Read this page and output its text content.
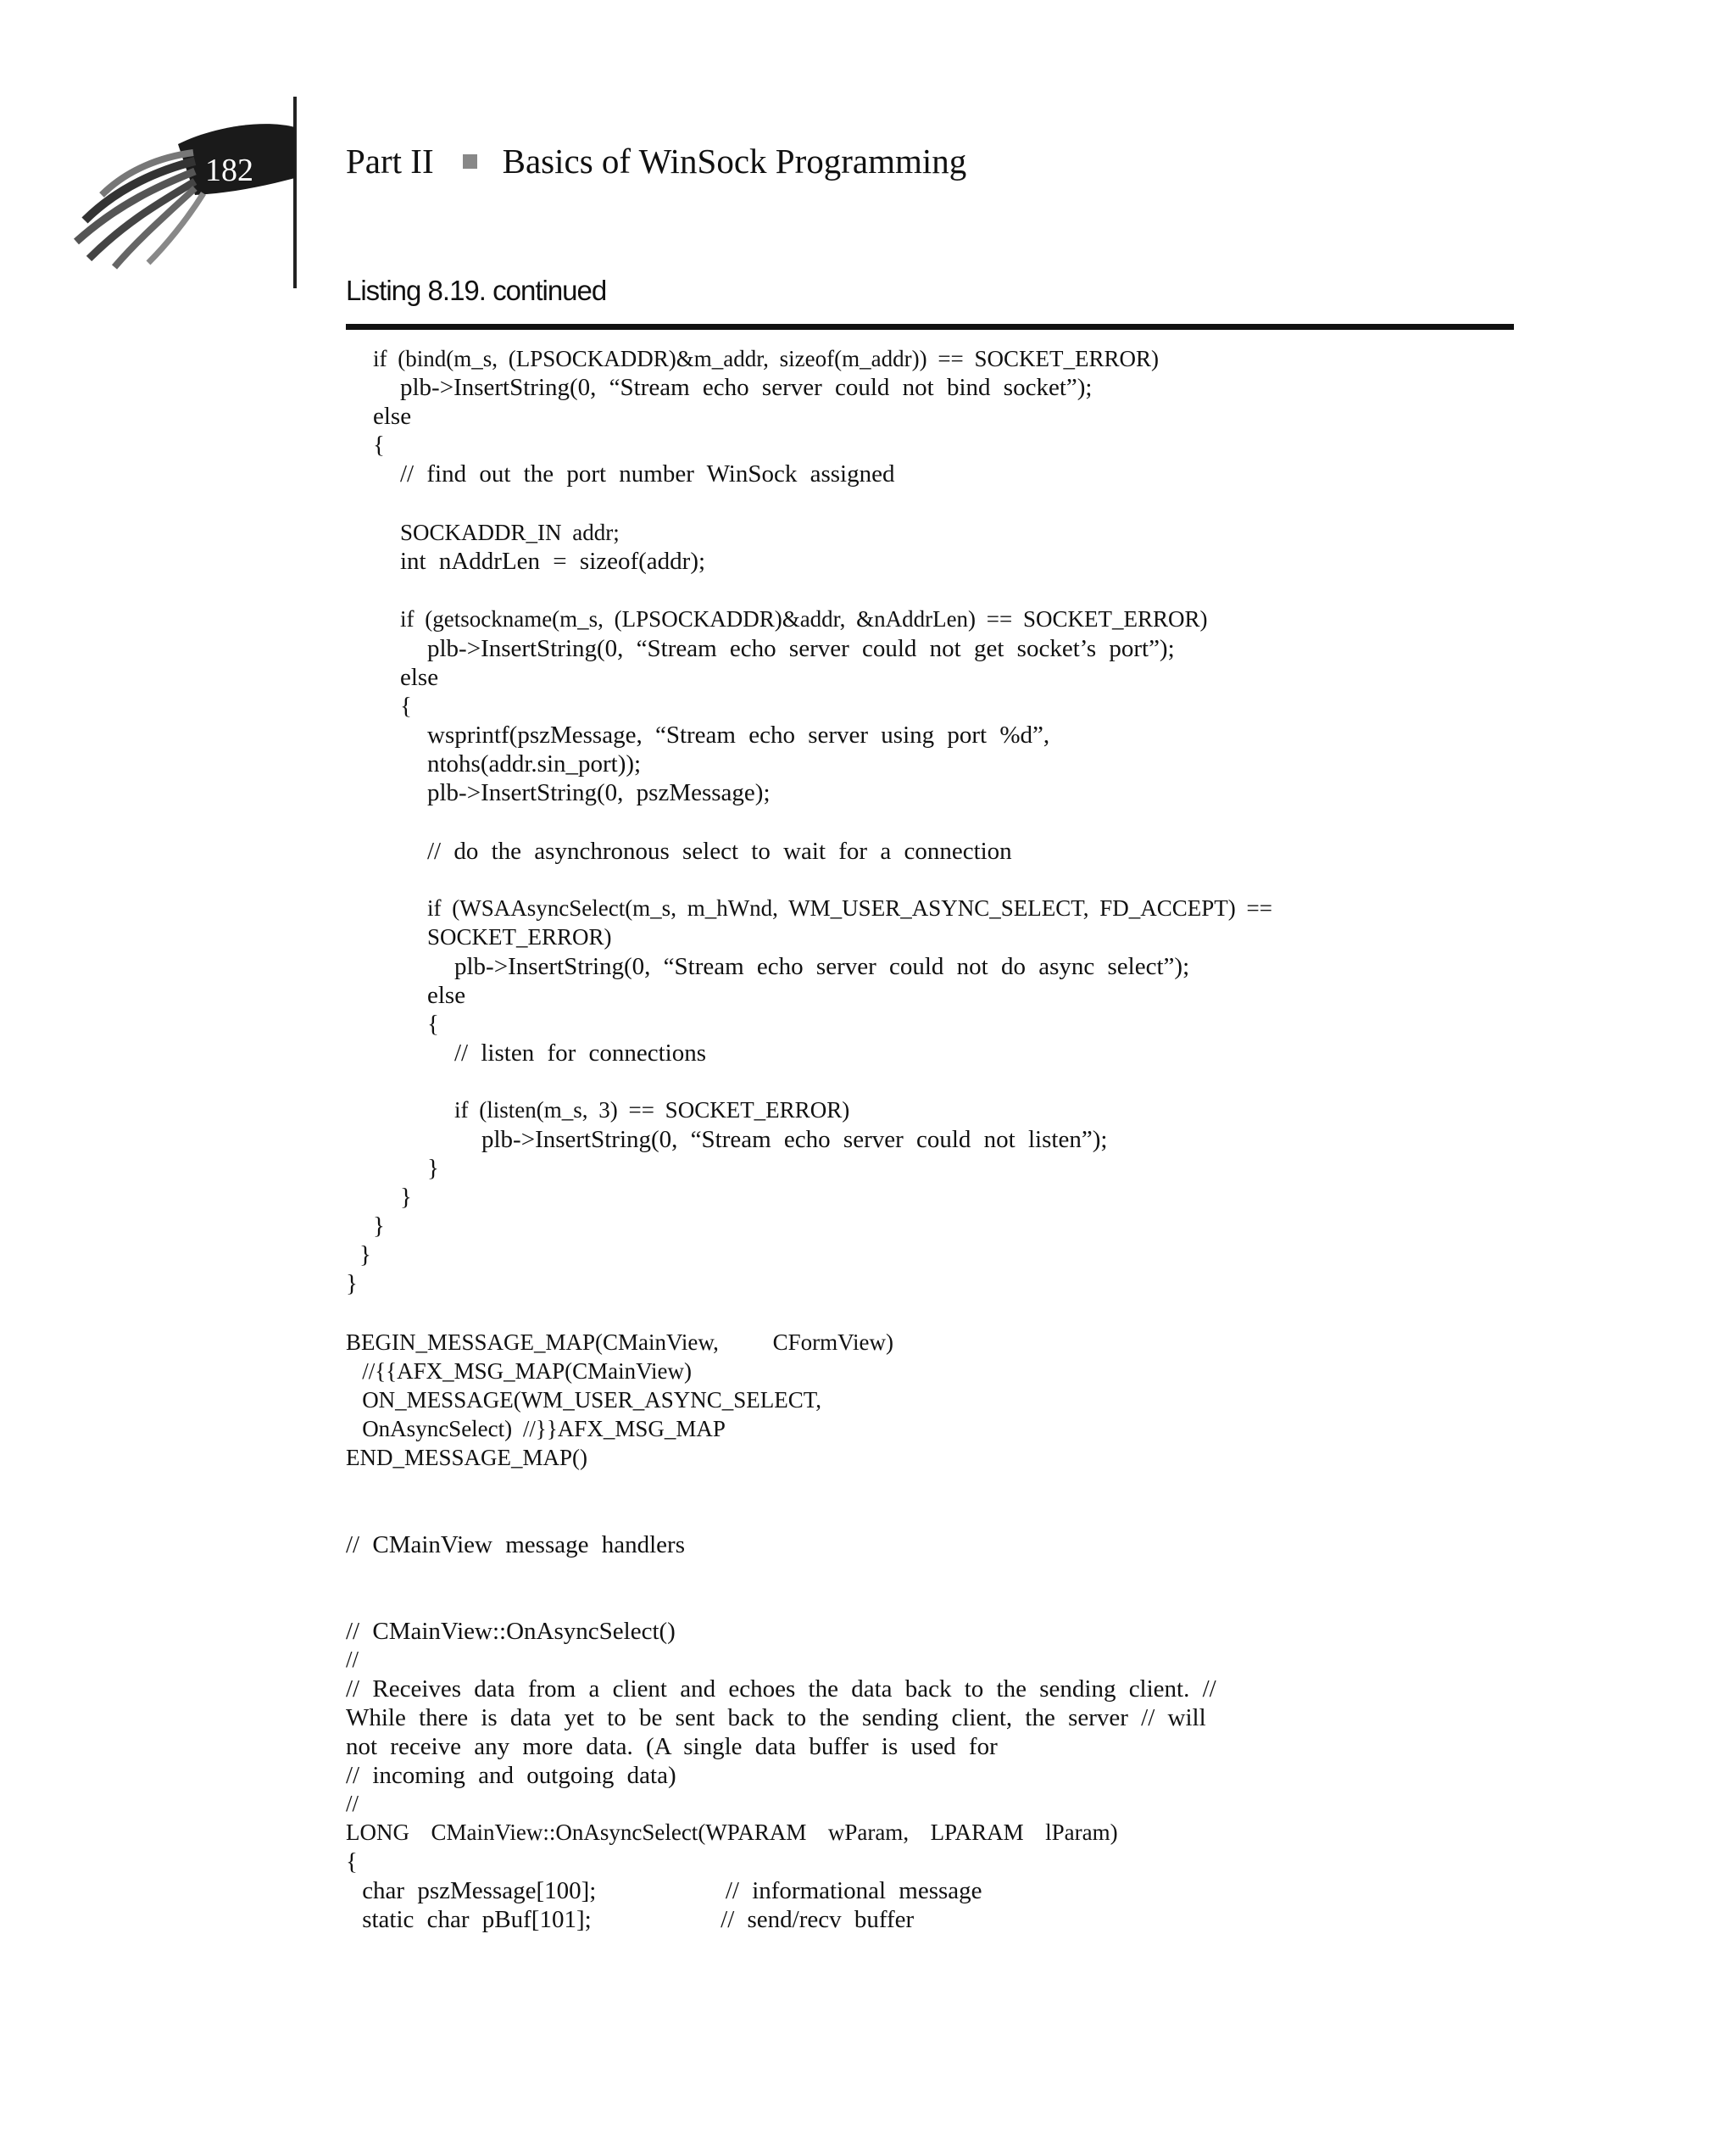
182	Part II Basics of WinSock Programming
Listing 8.19. continued
if (bind(m_s, (LPSOCKADDR)&m_addr, sizeof(m_addr)) == SOCKET_ERROR)
plb->InsertString(0, “Stream echo server could not bind socket”);
else
{
// find out the port number WinSock assigned
SOCKADDR_IN addr;
int nAddrLen = sizeof(addr);
if (getsockname(m_s, (LPSOCKADDR)&addr, &nAddrLen) == SOCKET_ERROR)
plb->InsertString(0, “Stream echo server could not get socket’s port”);
else
{
wsprintf(pszMessage, “Stream echo server using port %d”,
ntohs(addr.sin_port));
plb->InsertString(0, pszMessage);
// do the asynchronous select to wait for a connection
if (WSAAsyncSelect(m_s, m_hWnd, WM_USER_ASYNC_SELECT, FD_ACCEPT) ==
SOCKET_ERROR)
plb->InsertString(0, “Stream echo server could not do async select”);
else
{
// listen for connections
if (listen(m_s, 3) == SOCKET_ERROR)
plb->InsertString(0, “Stream echo server could not listen”);
}
}
}
}
}
BEGIN_MESSAGE_MAP(CMainView,     CFormView)
//{{AFX_MSG_MAP(CMainView)
ON_MESSAGE(WM_USER_ASYNC_SELECT,
OnAsyncSelect) //}}AFX_MSG_MAP
END_MESSAGE_MAP()
// CMainView message handlers
// CMainView::OnAsyncSelect()
//
// Receives data from a client and echoes the data back to the sending client. //
While there is data yet to be sent back to the sending client, the server // will
not receive any more data. (A single data buffer is used for
// incoming and outgoing data)
//
LONG  CMainView::OnAsyncSelect(WPARAM  wParam,  LPARAM  lParam)
{
char pszMessage[100];          // informational message
static char pBuf[101];          // send/recv buffer
